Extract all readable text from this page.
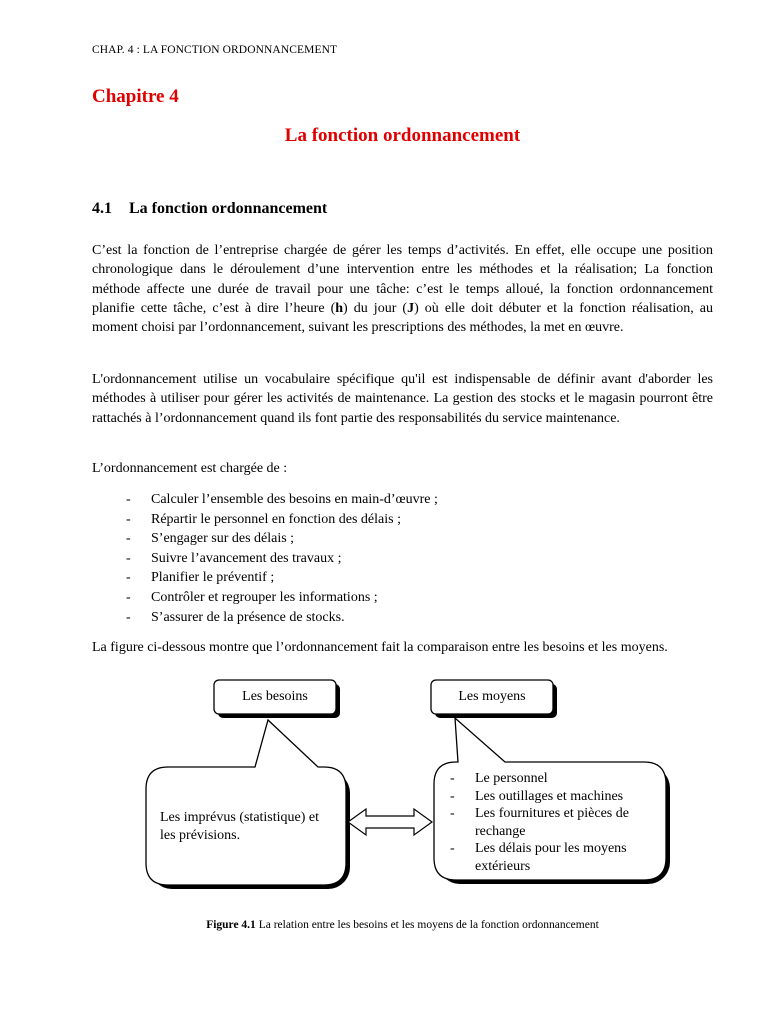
CHAP. 4 : LA FONCTION ORDONNANCEMENT
Chapitre 4
La fonction ordonnancement
4.1 La fonction ordonnancement

C’est la fonction de l’entreprise chargée de gérer les temps d’activités. En effet, elle occupe une position chronologique dans le déroulement d’une intervention entre les méthodes et la réalisation; La fonction méthode affecte une durée de travail pour une tâche: c’est le temps alloué, la fonction ordonnancement planifie cette tâche, c’est à dire l’heure (h) du jour (J) où elle doit débuter et la fonction réalisation, au moment choisi par l’ordonnancement, suivant les prescriptions des méthodes, la met en œuvre.

L'ordonnancement utilise un vocabulaire spécifique qu'il est indispensable de définir avant d'aborder les méthodes à utiliser pour gérer les activités de maintenance. La gestion des stocks et le magasin pourront être rattachés à l’ordonnancement quand ils font partie des responsabilités du service maintenance.

L’ordonnancement est chargée de :

- Calculer l’ensemble des besoins en main-d’œuvre ;
- Répartir le personnel en fonction des délais ;
- S’engager sur des délais ;
- Suivre l’avancement des travaux ;
- Planifier le préventif ;
- Contrôler et regrouper les informations ;
- S’assurer de la présence de stocks.

La figure ci-dessous montre que l’ordonnancement fait la comparaison entre les besoins et les moyens.

Les besoins	Les moyens
Les imprévus (statistique) et les prévisions.
- Le personnel
- Les outillages et machines
- Les fournitures et pièces de rechange
- Les délais pour les moyens extérieurs
Figure 4.1 La relation entre les besoins et les moyens de la fonction ordonnancement
